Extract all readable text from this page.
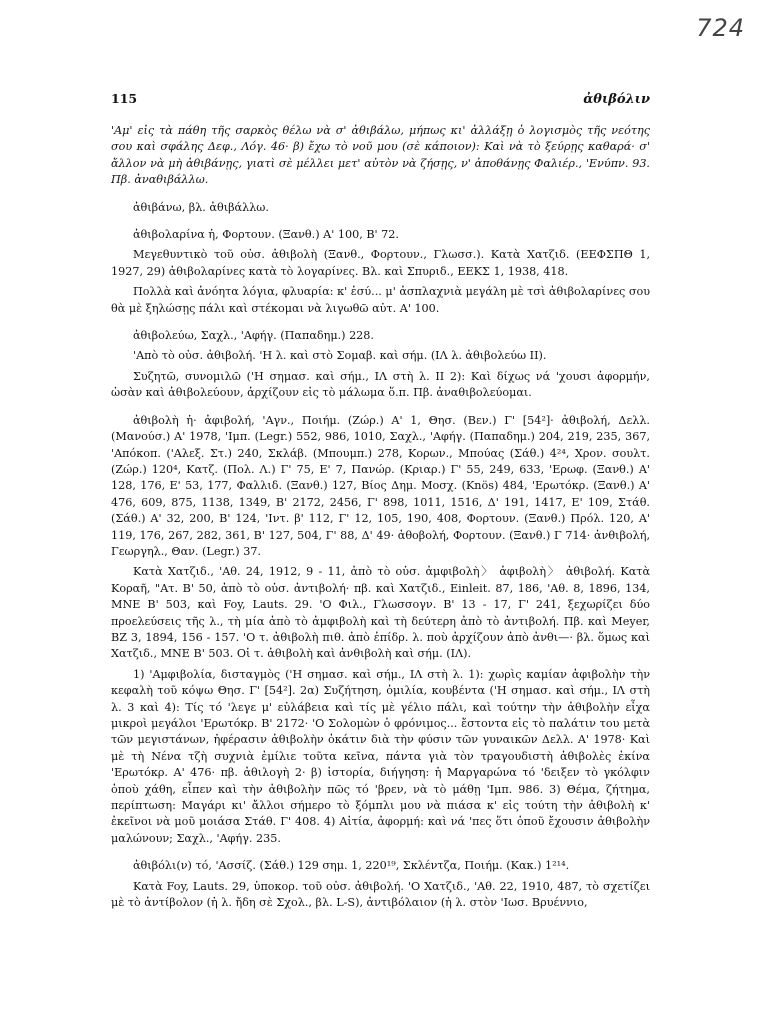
724
115	ἀθιβόλιν

'Αμ' εἰς τὰ πάθη τῆς σαρκὸς θέλω νὰ σ' ἀθιβάλω, μήπως κι' ἀλλάξῃ ὁ λογισμὸς τῆς νεότης σου καὶ σφάλης Δεφ., Λόγ. 46· β) ἔχω τὸ νοῦ μου (σὲ κάποιον): Καὶ νὰ τὸ ξεύρῃς καθαρά· σ' ἄλλον νὰ μὴ ἀθιβάνῃς, γιατὶ σὲ μέλλει μετ' αὐτὸν νὰ ζήσῃς, ν' ἀποθάνῃς Φαλιέρ., 'Ενύπν. 93. Πβ. ἀναθιβάλλω.

ἀθιβάνω, βλ. ἀθιβάλλω.

ἀθιβολαρίνα ἡ, Φορτουν. (Ξανθ.) Α' 100, Β' 72.

Μεγεθυντικὸ τοῦ οὐσ. ἀθιβολὴ (Ξανθ., Φορτουν., Γλωσσ.). Κατὰ Χατζιδ. (ΕΕΦΣΠΘ 1, 1927, 29) ἀθιβολαρίνες κατὰ τὸ λογαρίνες. Βλ. καὶ Σπυριδ., ΕΕΚΣ 1, 1938, 418.

Πολλὰ καὶ ἀνόητα λόγια, φλυαρία: κ' ἐσύ... μ' ἀσπλαχνιὰ μεγάλη μὲ τσὶ ἀθιβολαρίνες σου θὰ μὲ ξηλώσῃς πάλι καὶ στέκομαι νὰ λιγωθῶ αὐτ. Α' 100.

ἀθιβολεύω, Σαχλ., 'Αφήγ. (Παπαδημ.) 228.

'Απὸ τὸ οὐσ. ἀθιβολή. 'Η λ. καὶ στὸ Σομαβ. καὶ σήμ. (ΙΛ λ. ἀθιβολεύω ΙΙ).

Συζητῶ, συνομιλῶ ('Η σημασ. καὶ σήμ., ΙΛ στὴ λ. ΙΙ 2): Καὶ δίχως νά 'χουσι ἀφορμήν, ὡσὰν καὶ ἀθιβολεύουν, ἀρχίζουν εἰς τὸ μάλωμα ὅ.π. Πβ. ἀναθιβολεύομαι.

ἀθιβολὴ ἡ· ἀφιβολή, 'Αγν., Ποιήμ. (Ζώρ.) Α' 1, Θησ. (Βεν.) Γ' [54²]· ἀθιβολή, Δελλ. (Μανούσ.) Α' 1978, 'Ιμπ. (Legr.) 552, 986, 1010, Σαχλ., 'Αφήγ. (Παπαδημ.) 204, 219, 235, 367, 'Απόκοπ. ('Αλεξ. Στ.) 240, Σκλάβ. (Μπουμπ.) 278, Κορων., Μπούας (Σάθ.) 4²⁴, Χρον. σουλτ. (Ζώρ.) 120⁴, Κατζ. (Πολ. Λ.) Γ' 75, Ε' 7, Πανώρ. (Κριαρ.) Γ' 55, 249, 633, 'Ερωφ. (Ξανθ.) Α' 128, 176, Ε' 53, 177, Φαλλιδ. (Ξανθ.) 127, Βίος Δημ. Μοσχ. (Knös) 484, 'Ερωτόκρ. (Ξανθ.) Α' 476, 609, 875, 1138, 1349, Β' 2172, 2456, Γ' 898, 1011, 1516, Δ' 191, 1417, Ε' 109, Στάθ. (Σάθ.) Α' 32, 200, Β' 124, 'Ιντ. β' 112, Γ' 12, 105, 190, 408, Φορτουν. (Ξανθ.) Πρόλ. 120, Α' 119, 176, 267, 282, 361, Β' 127, 504, Γ' 88, Δ' 49· ἀθοβολή, Φορτουν. (Ξανθ.) Γ 714· ἀνθιβολή, Γεωργηλ., Θαν. (Legr.) 37.

Κατὰ Χατζιδ., 'Αθ. 24, 1912, 9 - 11, ἀπὸ τὸ οὐσ. ἀμφιβολὴ〉 ἀφιβολὴ〉 ἀθιβολή. Κατὰ Κοραῆ, "Ατ. Β' 50, ἀπὸ τὸ οὐσ. ἀντιβολή· πβ. καὶ Χατζιδ., Einleit. 87, 186, 'Αθ. 8, 1896, 134, ΜΝΕ Β' 503, καὶ Foy, Lauts. 29. 'Ο Φιλ., Γλωσσογν. Β' 13 - 17, Γ' 241, ξεχωρίζει δύο προελεύσεις τῆς λ., τὴ μία ἀπὸ τὸ ἀμφιβολὴ καὶ τὴ δεύτερη ἀπὸ τὸ ἀντιβολή. Πβ. καὶ Meyer, BZ 3, 1894, 156 - 157. 'Ο τ. ἀθιβολὴ πιθ. ἀπὸ ἐπίδρ. λ. ποὺ ἀρχίζουν ἀπὸ ἀνθι—· βλ. ὅμως καὶ Χατζιδ., ΜΝΕ Β' 503. Οἱ τ. ἀθιβολὴ καὶ ἀνθιβολὴ καὶ σήμ. (ΙΛ).

1) 'Αμφιβολία, δισταγμὸς ('Η σημασ. καὶ σήμ., ΙΛ στὴ λ. 1): χωρὶς καμίαν ἀφιβολὴν τὴν κεφαλὴ τοῦ κόψω Θησ. Γ' [54²]. 2α) Συζήτηση, ὁμιλία, κουβέντα ('Η σημασ. καὶ σήμ., ΙΛ στὴ λ. 3 καὶ 4): Τίς τό 'λεγε μ' εὐλάβεια καὶ τίς μὲ γέλιο πάλι, καὶ τούτην τὴν ἀθιβολὴν εἶχα μικροὶ μεγάλοι 'Ερωτόκρ. Β' 2172· 'Ο Σολομὼν ὁ φρόνιμος... ἔστοντα εἰς τὸ παλάτιν του μετὰ τῶν μεγιστάνων, ἠφέρασιν ἀθιβολὴν ὀκάτιν διὰ τὴν φύσιν τῶν γυναικῶν Δελλ. Α' 1978· Καὶ μὲ τὴ Νένα τζὴ συχνιὰ ἐμίλιε τοῦτα κεῖνα, πάντα γιὰ τὸν τραγουδιστὴ ἀθιβολὲς ἐκίνα 'Ερωτόκρ. Α' 476· πβ. ἀθιλογὴ 2· β) ἱστορία, διήγηση: ἡ Μαργαρώνα τό 'δειξεν τὸ γκόλφιν ὁποὺ χάθη, εἶπεν καὶ τὴν ἀθιβολὴν πῶς τό 'βρεν, νὰ τὸ μάθῃ 'Ιμπ. 986. 3) Θέμα, ζήτημα, περίπτωση: Μαγάρι κι' ἄλλοι σήμερο τὸ ξόμπλι μου νὰ πιάσα κ' εἰς τούτη τὴν ἀθιβολὴ κ' ἐκεῖνοι νὰ μοῦ μοιάσα Στάθ. Γ' 408. 4) Αἰτία, ἀφορμή: καὶ νά 'πες ὅτι ὁποῦ ἔχουσιν ἀθιβολὴν μαλώνουν; Σαχλ., 'Αφήγ. 235.

ἀθιβόλι(ν) τό, 'Ασσίζ. (Σάθ.) 129 σημ. 1, 220¹⁹, Σκλέντζα, Ποιήμ. (Κακ.) 1²¹⁴.

Κατὰ Foy, Lauts. 29, ὑποκορ. τοῦ οὐσ. ἀθιβολή. 'Ο Χατζιδ., 'Αθ. 22, 1910, 487, τὸ σχετίζει μὲ τὸ ἀντίβολον (ἡ λ. ἤδη σὲ Σχολ., βλ. L-S), ἀντιβόλαιον (ἡ λ. στὸν 'Ιωσ. Βρυέννιο,
